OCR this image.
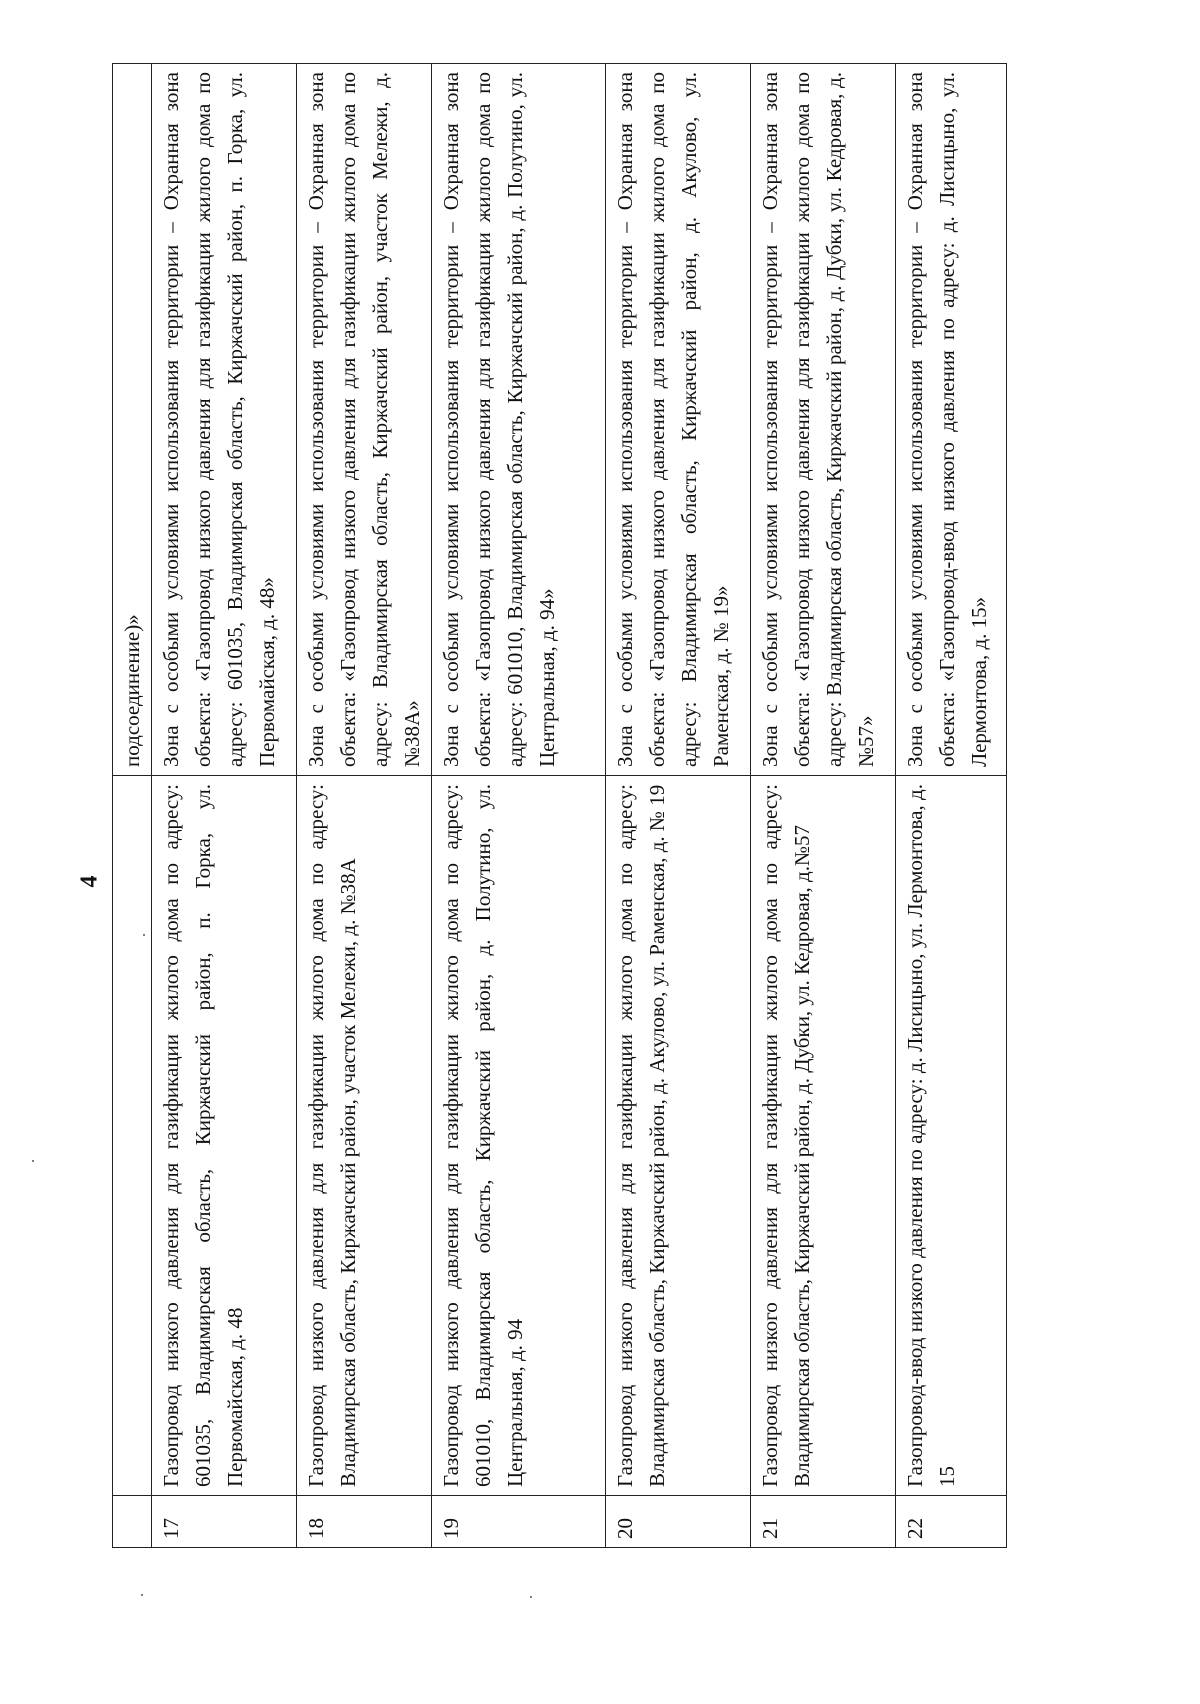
4
		подсоединение)»
17	Газопровод низкого давления для газификации жилого дома по адресу: 601035, Владимирская область, Киржачский район, п. Горка, ул. Первомайская, д. 48	Зона с особыми условиями использования территории – Охранная зона объекта: «Газопровод низкого давления для газификации жилого дома по адресу: 601035, Владимирская область, Киржачский район, п. Горка, ул. Первомайская, д. 48»
18	Газопровод низкого давления для газификации жилого дома по адресу: Владимирская область, Киржачский район, участок Мележи, д. №38А	Зона с особыми условиями использования территории – Охранная зона объекта: «Газопровод низкого давления для газификации жилого дома по адресу: Владимирская область, Киржачский район, участок Мележи, д. №38А»
19	Газопровод низкого давления для газификации жилого дома по адресу: 601010, Владимирская область, Киржачский район, д. Полутино, ул. Центральная, д. 94	Зона с особыми условиями использования территории – Охранная зона объекта: «Газопровод низкого давления для газификации жилого дома по адресу: 601010, Владимирская область, Киржачский район, д. Полутино, ул. Центральная, д. 94»
20	Газопровод низкого давления для газификации жилого дома по адресу: Владимирская область, Киржачский район, д. Акулово, ул. Раменская, д. № 19	Зона с особыми условиями использования территории – Охранная зона объекта: «Газопровод низкого давления для газификации жилого дома по адресу: Владимирская область, Киржачский район, д. Акулово, ул. Раменская, д. № 19»
21	Газопровод низкого давления для газификации жилого дома по адресу: Владимирская область, Киржачский район, д. Дубки, ул. Кедровая, д.№57	Зона с особыми условиями использования территории – Охранная зона объекта: «Газопровод низкого давления для газификации жилого дома по адресу: Владимирская область, Киржачский район, д. Дубки, ул. Кедровая, д.№57»
22	Газопровод-ввод низкого давления по адресу: д. Лисицыно, ул. Лермонтова, д. 15	Зона с особыми условиями использования территории – Охранная зона объекта: «Газопровод-ввод низкого давления по адресу: д. Лисицыно, ул. Лермонтова, д. 15»
